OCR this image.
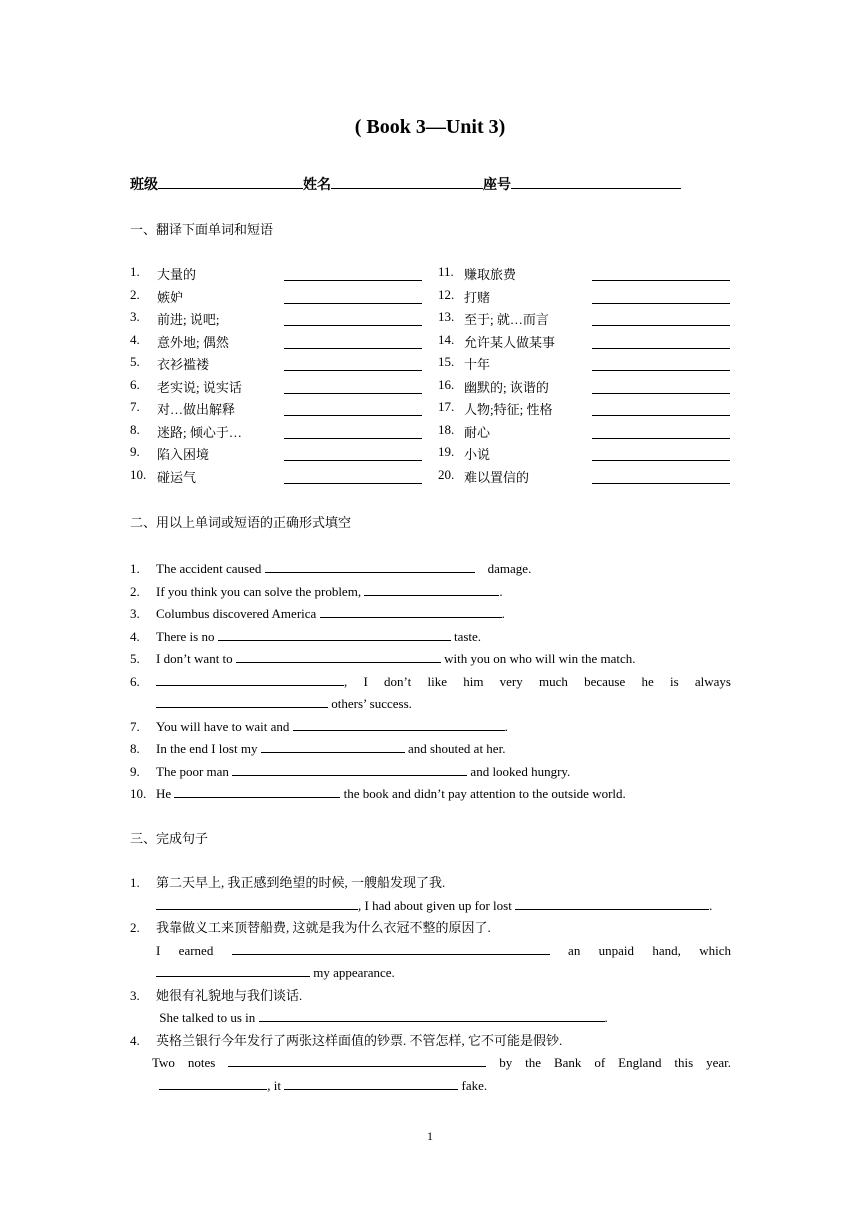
( Book 3—Unit 3)
班级	姓名	座号
一、翻译下面单词和短语
1.	大量的	11. 赚取旅费
2.	嫉妒	12. 打赌
3.	前进; 说吧;	13. 至于; 就…而言
4.	意外地; 偶然	14. 允许某人做某事
5.	衣衫褴褛	15. 十年
6.	老实说; 说实话	16. 幽默的; 诙谐的
7.	对…做出解释	17. 人物;特征; 性格
8.	迷路; 倾心于…	18. 耐心
9.	陷入困境	19. 小说
10. 碰运气	20. 难以置信的
二、用以上单词或短语的正确形式填空
1. The accident caused	damage.
2. If you think you can solve the problem,	.
3. Columbus discovered America	.
4. There is no	taste.
5. I don’t want to	with you on who will win the match.
6.	, I don’t like him very much because he is always
others’ success.
7. You will have to wait and	.
8. In the end I lost my	and shouted at her.
9. The poor man	and looked hungry.
10. He	the book and didn’t pay attention to the outside world.
三、完成句子
1. 第二天早上, 我正感到绝望的时候, 一艘船发现了我.
, I had about given up for lost	.
2. 我靠做义工来顶替船费, 这就是我为什么衣冠不整的原因了.
I earned	an unpaid hand, which
my appearance.
3. 她很有礼貌地与我们谈话.
She talked to us in	.
4. 英格兰银行今年发行了两张这样面值的钞票. 不管怎样, 它不可能是假钞.
Two notes	by the Bank of England this year.
, it	fake.
1
